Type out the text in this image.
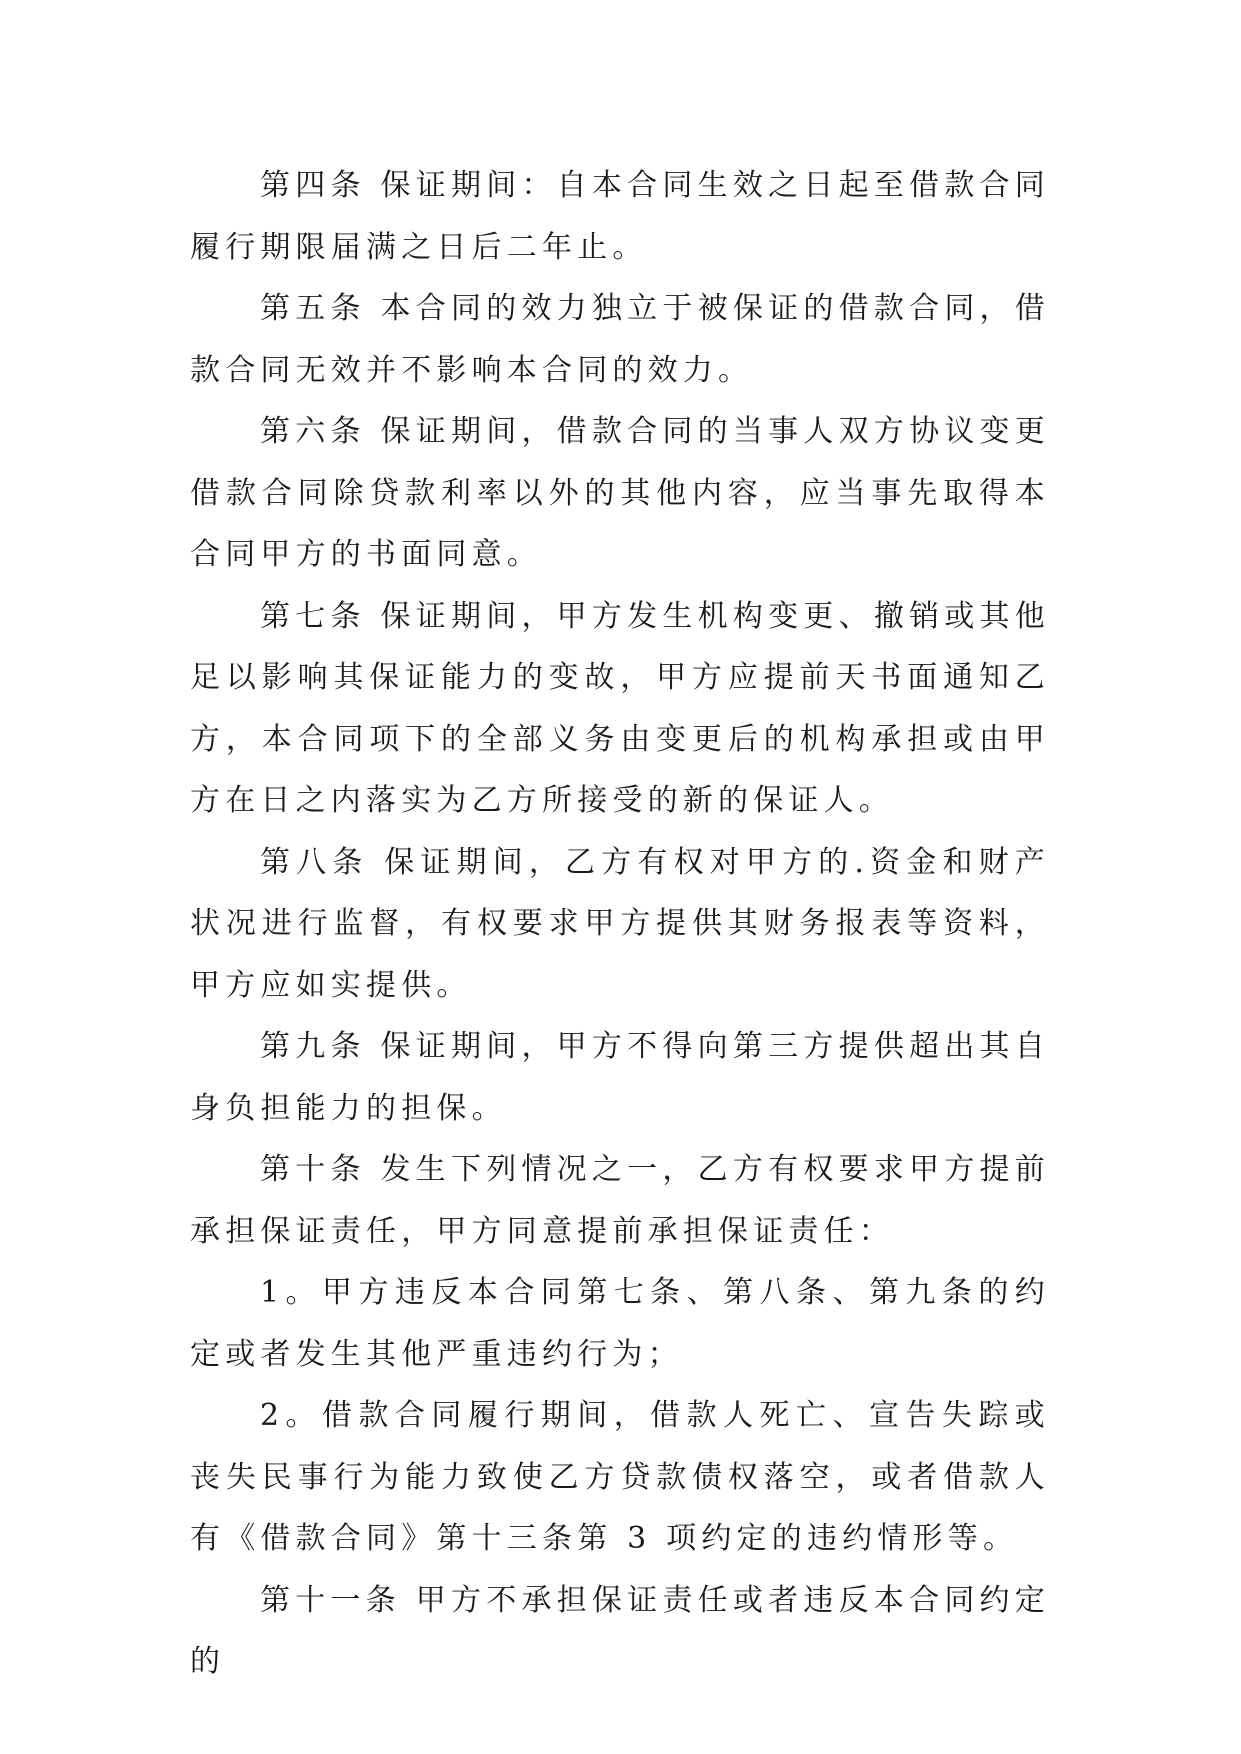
第四条 保证期间：自本合同生效之日起至借款合同履行期限届满之日后二年止。

第五条 本合同的效力独立于被保证的借款合同，借款合同无效并不影响本合同的效力。

第六条 保证期间，借款合同的当事人双方协议变更借款合同除贷款利率以外的其他内容，应当事先取得本合同甲方的书面同意。

第七条 保证期间，甲方发生机构变更、撤销或其他足以影响其保证能力的变故，甲方应提前天书面通知乙方，本合同项下的全部义务由变更后的机构承担或由甲方在日之内落实为乙方所接受的新的保证人。

第八条 保证期间，乙方有权对甲方的.资金和财产状况进行监督，有权要求甲方提供其财务报表等资料，甲方应如实提供。

第九条 保证期间，甲方不得向第三方提供超出其自身负担能力的担保。

第十条 发生下列情况之一，乙方有权要求甲方提前承担保证责任，甲方同意提前承担保证责任：

1。甲方违反本合同第七条、第八条、第九条的约定或者发生其他严重违约行为；

2。借款合同履行期间，借款人死亡、宣告失踪或丧失民事行为能力致使乙方贷款债权落空，或者借款人有《借款合同》第十三条第 3 项约定的违约情形等。

第十一条 甲方不承担保证责任或者违反本合同约定的
